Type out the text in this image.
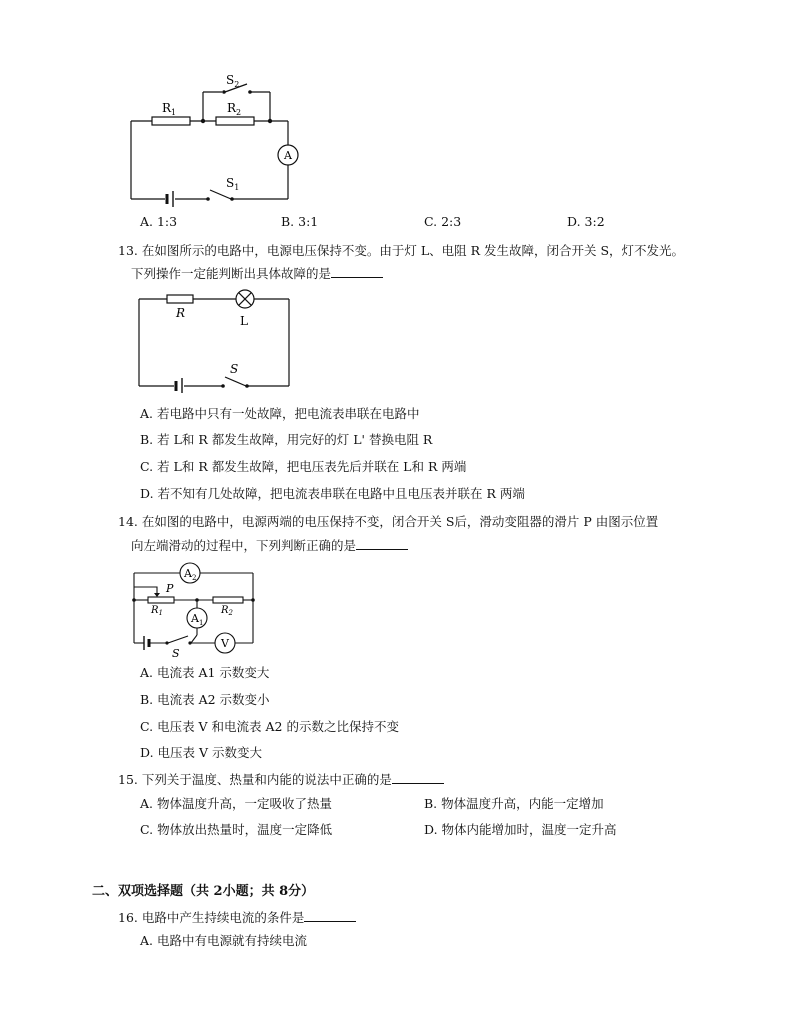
$S_2$
$R_1$	$R_2$
A
$S_1$
A. 1:3	B. 3:1	C. 2:3	D. 3:2
13. 在如图所示的电路中，电源电压保持不变。由于灯 L、电阻 R 发生故障，闭合开关 S，灯不发光。
下列操作一定能判断出具体故障的是
R
L
S
A. 若电路中只有一处故障，把电流表串联在电路中
B. 若 L和 R 都发生故障，用完好的灯 L' 替换电阻 R
C. 若 L和 R 都发生故障，把电压表先后并联在 L和 R 两端
D. 若不知有几处故障，把电流表串联在电路中且电压表并联在 R 两端
14. 在如图的电路中，电源两端的电压保持不变，闭合开关 S后，滑动变阻器的滑片 P 由图示位置
向左端滑动的过程中，下列判断正确的是
$A_2$
P
$R_1$	$R_2$
$A_1$
V
S
A. 电流表 A1 示数变大
B. 电流表 A2 示数变小
C. 电压表 V 和电流表 A2 的示数之比保持不变
D. 电压表 V 示数变大
15. 下列关于温度、热量和内能的说法中正确的是
A. 物体温度升高，一定吸收了热量	B. 物体温度升高，内能一定增加
C. 物体放出热量时，温度一定降低	D. 物体内能增加时，温度一定升高
二、双项选择题（共 2小题；共 8分）
16. 电路中产生持续电流的条件是
A. 电路中有电源就有持续电流
